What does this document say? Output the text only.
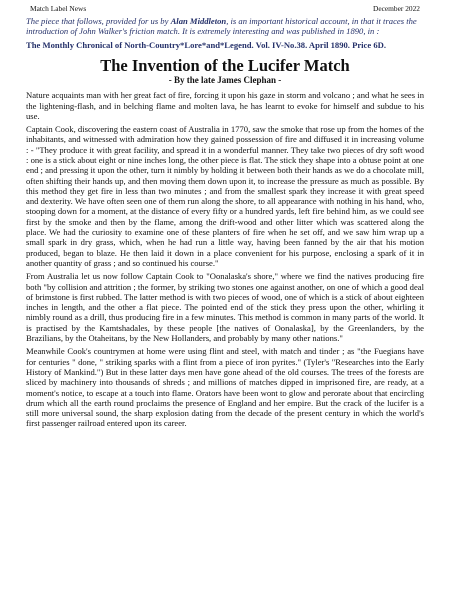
Match Label News	December 2022

The piece that follows, provided for us by Alan Middleton, is an important historical account, in that it traces the introduction of John Walker's friction match. It is extremely interesting and was published in 1890, in :

The Monthly Chronical of North-Country*Lore*and*Legend. Vol. IV-No.38. April 1890. Price 6D.

The Invention of the Lucifer Match

- By the late James Clephan -

Nature acquaints man with her great fact of fire, forcing it upon his gaze in storm and volcano ; and what he sees in the lightening-flash, and in belching flame and molten lava, he has learnt to evoke for himself and subdue to his use.

Captain Cook, discovering the eastern coast of Australia in 1770, saw the smoke that rose up from the homes of the inhabitants, and witnessed with admiration how they gained possession of fire and diffused it in increasing volume : - "They produce it with great facility, and spread it in a wonderful manner. They take two pieces of dry soft wood : one is a stick about eight or nine inches long, the other piece is flat. The stick they shape into a obtuse point at one end ; and pressing it upon the other, turn it nimbly by holding it between both their hands as we do a chocolate mill, often shifting their hands up, and then moving them down upon it, to increase the pressure as much as possible. By this method they get fire in less than two minutes ; and from the smallest spark they increase it with great speed and dexterity. We have often seen one of them run along the shore, to all appearance with nothing in his hand, who, stooping down for a moment, at the distance of every fifty or a hundred yards, left fire behind him, as we could see first by the smoke and then by the flame, among the drift-wood and other litter which was scattered along the place. We had the curiosity to examine one of these planters of fire when he set off, and we saw him wrap up a small spark in dry grass, which, when he had run a little way, having been fanned by the air that his motion produced, began to blaze. He then laid it down in a place convenient for his purpose, enclosing a spark of it in another quantity of grass ; and so continued his course."

From Australia let us now follow Captain Cook to "Oonalaska's shore," where we find the natives producing fire both "by collision and attrition ; the former, by striking two stones one against another, on one of which a good deal of brimstone is first rubbed. The latter method is with two pieces of wood, one of which is a stick of about eighteen inches in length, and the other a flat piece. The pointed end of the stick they press upon the other, whirling it nimbly round as a drill, thus producing fire in a few minutes. This method is common in many parts of the world. It is practised by the Kamtshadales, by these people [the natives of Oonalaska], by the Greenlanders, by the Brazilians, by the Otaheitans, by the New Hollanders, and probably by many other nations."

Meanwhile Cook's countrymen at home were using flint and steel, with match and tinder ; as "the Fuegians have for centuries " done, " striking sparks with a flint from a piece of iron pyrites." (Tyler's "Researches into the Early History of Mankind.") But in these latter days men have gone ahead of the old courses. The trees of the forests are sliced by machinery into thousands of shreds ; and millions of matches dipped in imprisoned fire, are ready, at a moment's notice, to escape at a touch into flame. Orators have been wont to glow and perorate about that encircling drum which all the earth round proclaims the presence of England and her empire. But the crack of the lucifer is a still more universal sound, the sharp explosion dating from the decade of the present century in which the world's first passenger railroad entered upon its career.
